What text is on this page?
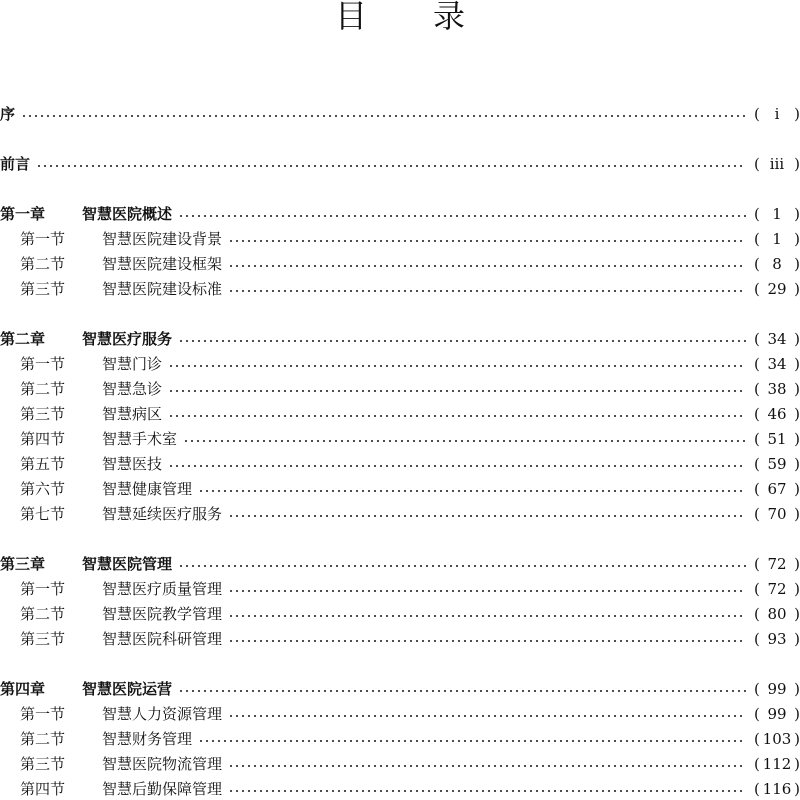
目 录
序	( ⅰ )
前言	( ⅲ )
第一章	智慧医院概述	( 1 )
第一节	智慧医院建设背景	( 1 )
第二节	智慧医院建设框架	( 8 )
第三节	智慧医院建设标准	( 29 )
第二章	智慧医疗服务	( 34 )
第一节	智慧门诊	( 34 )
第二节	智慧急诊	( 38 )
第三节	智慧病区	( 46 )
第四节	智慧手术室	( 51 )
第五节	智慧医技	( 59 )
第六节	智慧健康管理	( 67 )
第七节	智慧延续医疗服务	( 70 )
第三章	智慧医院管理	( 72 )
第一节	智慧医疗质量管理	( 72 )
第二节	智慧医院教学管理	( 80 )
第三节	智慧医院科研管理	( 93 )
第四章	智慧医院运营	( 99 )
第一节	智慧人力资源管理	( 99 )
第二节	智慧财务管理	( 103 )
第三节	智慧医院物流管理	( 112 )
第四节	智慧后勤保障管理	( 116 )
